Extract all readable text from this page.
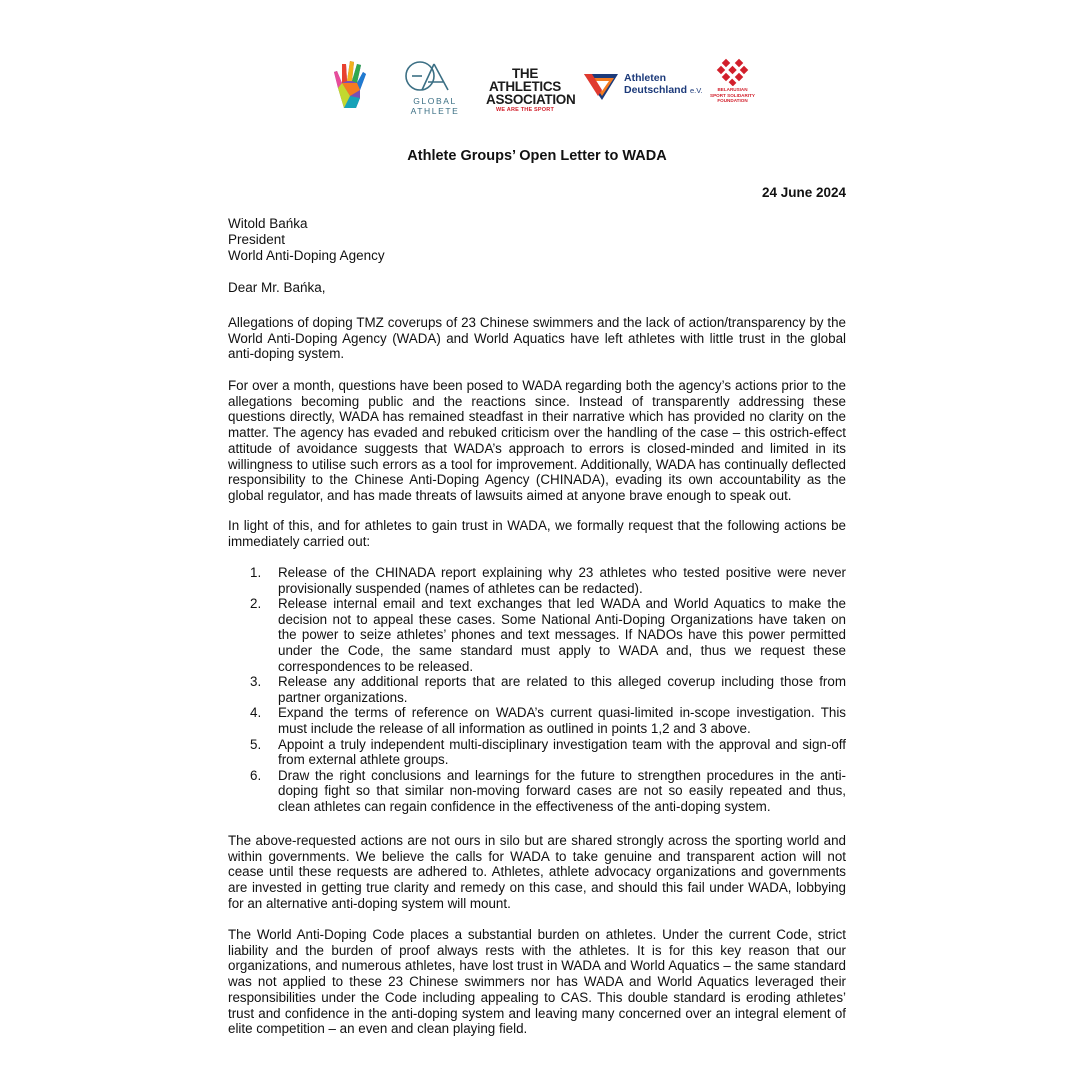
GLOBAL ATHLETE
THE ATHLETICS
ASSOCIATION
WE ARE THE SPORT
Athleten
Deutschland e.V.	BELARUSIAN SPORT SOLIDARITY FOUNDATION
Athlete Groups’ Open Letter to WADA
24 June 2024
Witold Bańka
President
World Anti-Doping Agency
Dear Mr. Bańka,

Allegations of doping TMZ coverups of 23 Chinese swimmers and the lack of action/transparency by the World Anti-Doping Agency (WADA) and World Aquatics have left athletes with little trust in the global anti-doping system.

For over a month, questions have been posed to WADA regarding both the agency’s actions prior to the allegations becoming public and the reactions since. Instead of transparently addressing these questions directly, WADA has remained steadfast in their narrative which has provided no clarity on the matter. The agency has evaded and rebuked criticism over the handling of the case – this ostrich-effect attitude of avoidance suggests that WADA’s approach to errors is closed-minded and limited in its willingness to utilise such errors as a tool for improvement. Additionally, WADA has continually deflected responsibility to the Chinese Anti-Doping Agency (CHINADA), evading its own accountability as the global regulator, and has made threats of lawsuits aimed at anyone brave enough to speak out.

In light of this, and for athletes to gain trust in WADA, we formally request that the following actions be immediately carried out:

1. Release of the CHINADA report explaining why 23 athletes who tested positive were never provisionally suspended (names of athletes can be redacted).
2. Release internal email and text exchanges that led WADA and World Aquatics to make the decision not to appeal these cases. Some National Anti-Doping Organizations have taken on the power to seize athletes’ phones and text messages. If NADOs have this power permitted under the Code, the same standard must apply to WADA and, thus we request these correspondences to be released.
3. Release any additional reports that are related to this alleged coverup including those from partner organizations.
4. Expand the terms of reference on WADA’s current quasi-limited in-scope investigation. This must include the release of all information as outlined in points 1,2 and 3 above.
5. Appoint a truly independent multi-disciplinary investigation team with the approval and sign-off from external athlete groups.
6. Draw the right conclusions and learnings for the future to strengthen procedures in the anti-doping fight so that similar non-moving forward cases are not so easily repeated and thus, clean athletes can regain confidence in the effectiveness of the anti-doping system.

The above-requested actions are not ours in silo but are shared strongly across the sporting world and within governments. We believe the calls for WADA to take genuine and transparent action will not cease until these requests are adhered to. Athletes, athlete advocacy organizations and governments are invested in getting true clarity and remedy on this case, and should this fail under WADA, lobbying for an alternative anti-doping system will mount.

The World Anti-Doping Code places a substantial burden on athletes. Under the current Code, strict liability and the burden of proof always rests with the athletes. It is for this key reason that our organizations, and numerous athletes, have lost trust in WADA and World Aquatics – the same standard was not applied to these 23 Chinese swimmers nor has WADA and World Aquatics leveraged their responsibilities under the Code including appealing to CAS. This double standard is eroding athletes’ trust and confidence in the anti-doping system and leaving many concerned over an integral element of elite competition – an even and clean playing field.
